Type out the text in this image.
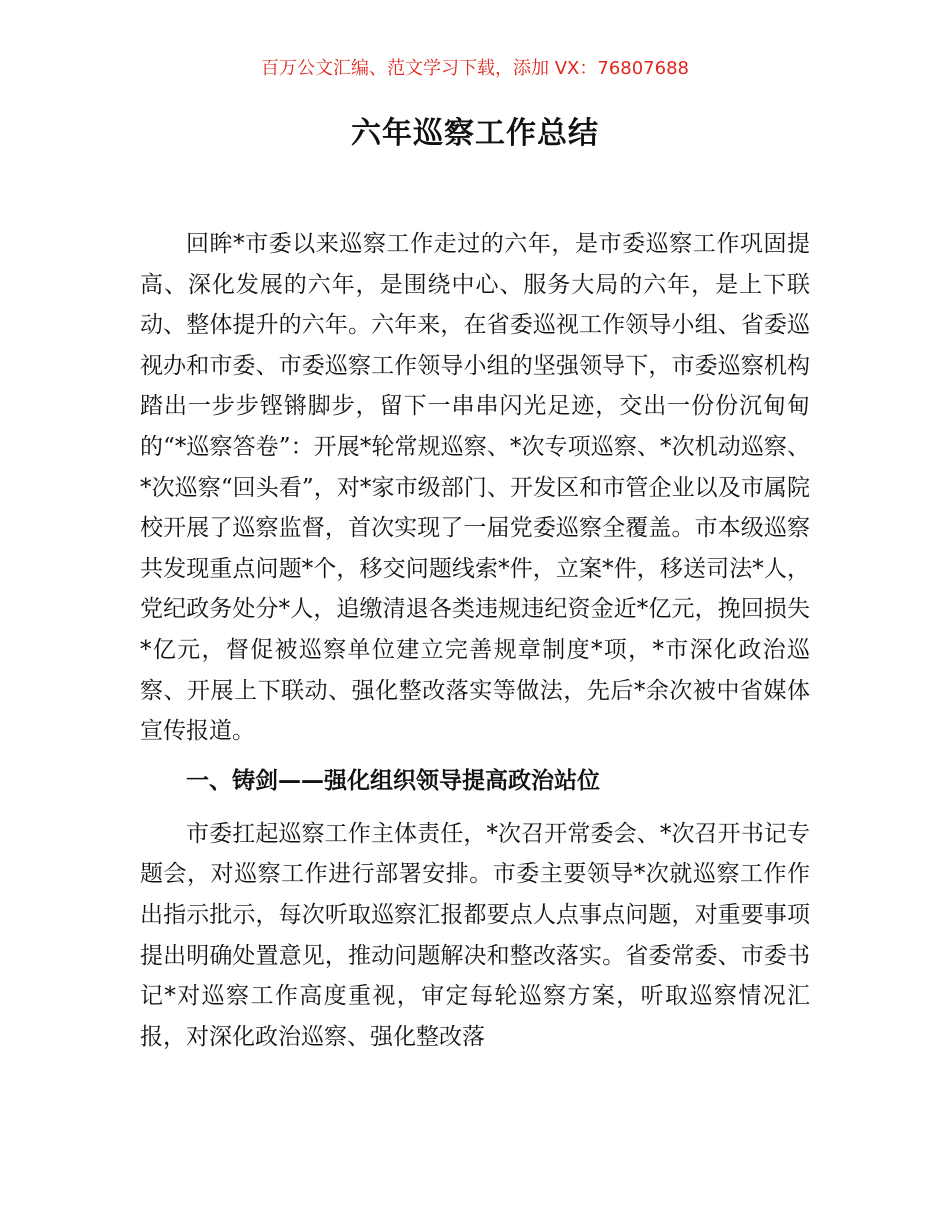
百万公文汇编、范文学习下载，添加 VX：76807688
六年巡察工作总结

回眸*市委以来巡察工作走过的六年，是市委巡察工作巩固提高、深化发展的六年，是围绕中心、服务大局的六年，是上下联动、整体提升的六年。六年来，在省委巡视工作领导小组、省委巡视办和市委、市委巡察工作领导小组的坚强领导下，市委巡察机构踏出一步步铿锵脚步，留下一串串闪光足迹，交出一份份沉甸甸的“*巡察答卷”：开展*轮常规巡察、*次专项巡察、*次机动巡察、*次巡察“回头看”，对*家市级部门、开发区和市管企业以及市属院校开展了巡察监督，首次实现了一届党委巡察全覆盖。市本级巡察共发现重点问题*个，移交问题线索*件，立案*件，移送司法*人，党纪政务处分*人，追缴清退各类违规违纪资金近*亿元，挽回损失*亿元，督促被巡察单位建立完善规章制度*项，*市深化政治巡察、开展上下联动、强化整改落实等做法，先后*余次被中省媒体宣传报道。

一、铸剑——强化组织领导提高政治站位

市委扛起巡察工作主体责任，*次召开常委会、*次召开书记专题会，对巡察工作进行部署安排。市委主要领导*次就巡察工作作出指示批示，每次听取巡察汇报都要点人点事点问题，对重要事项提出明确处置意见，推动问题解决和整改落实。省委常委、市委书记*对巡察工作高度重视，审定每轮巡察方案，听取巡察情况汇报，对深化政治巡察、强化整改落
